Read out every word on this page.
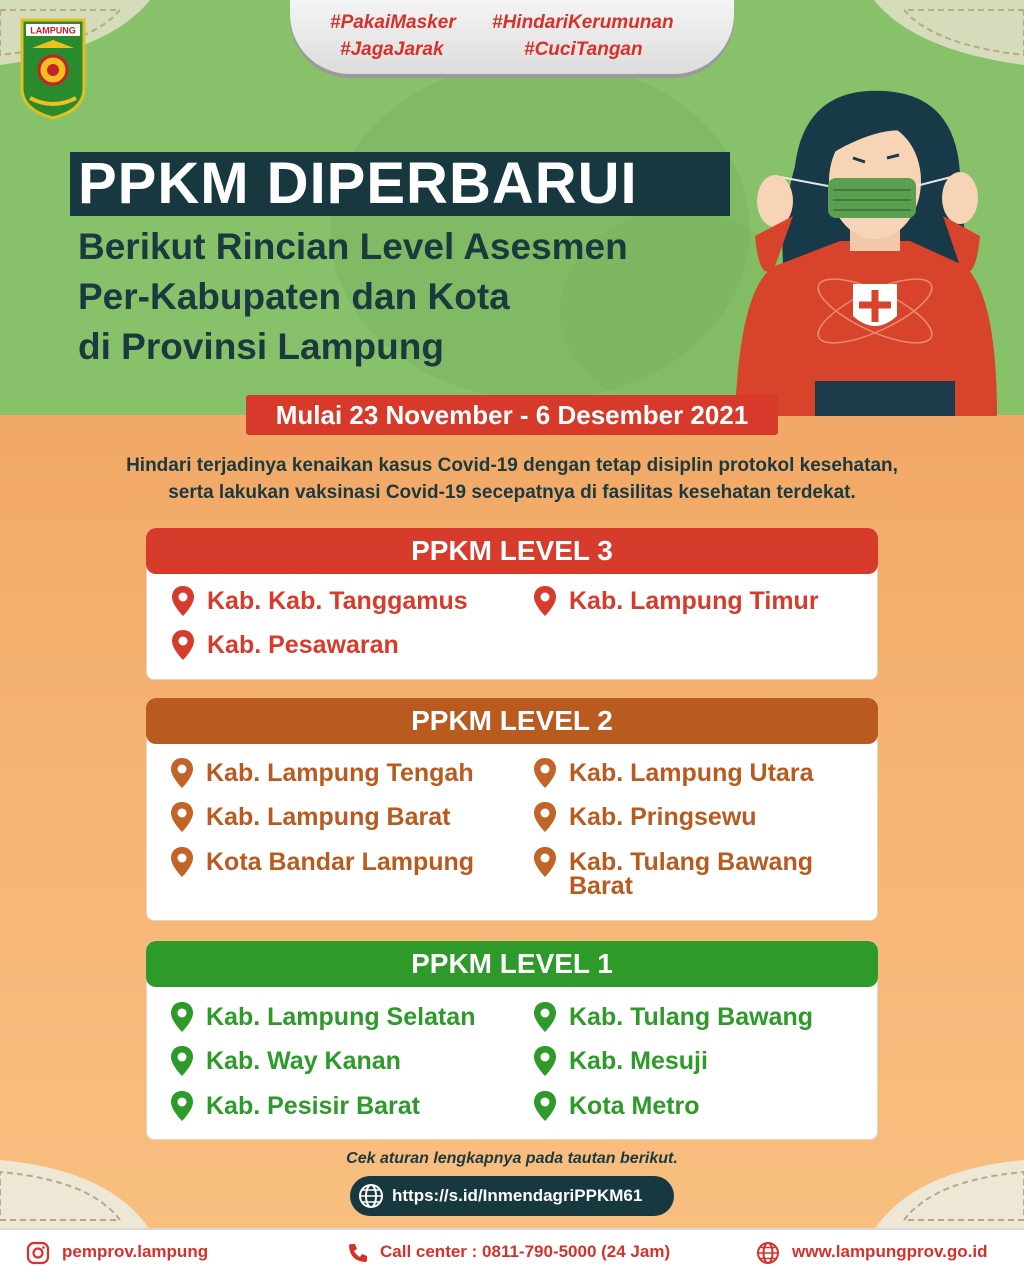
#PakaiMasker #HindariKerumunan
#JagaJarak	#CuciTangan
LAMPUNG
PPKM DIPERBARUI
Berikut Rincian Level Asesmen
Per-Kabupaten dan Kota
di Provinsi Lampung
Mulai 23 November - 6 Desember 2021
Hindari terjadinya kenaikan kasus Covid-19 dengan tetap disiplin protokol kesehatan,
serta lakukan vaksinasi Covid-19 secepatnya di fasilitas kesehatan terdekat.
PPKM LEVEL 3
Kab. Kab. Tanggamus	Kab. Lampung Timur
Kab. Pesawaran
PPKM LEVEL 2
Kab. Lampung Tengah	Kab. Lampung Utara
Kab. Lampung Barat	Kab. Pringsewu
Kota Bandar Lampung	Kab. Tulang Bawang
Barat
PPKM LEVEL 1
Kab. Lampung Selatan	Kab. Tulang Bawang
Kab. Way Kanan	Kab. Mesuji
Kab. Pesisir Barat	Kota Metro
Cek aturan lengkapnya pada tautan berikut.
https://s.id/InmendagriPPKM61
pemprov.lampung	Call center : 0811-790-5000 (24 Jam)	www.lampungprov.go.id
